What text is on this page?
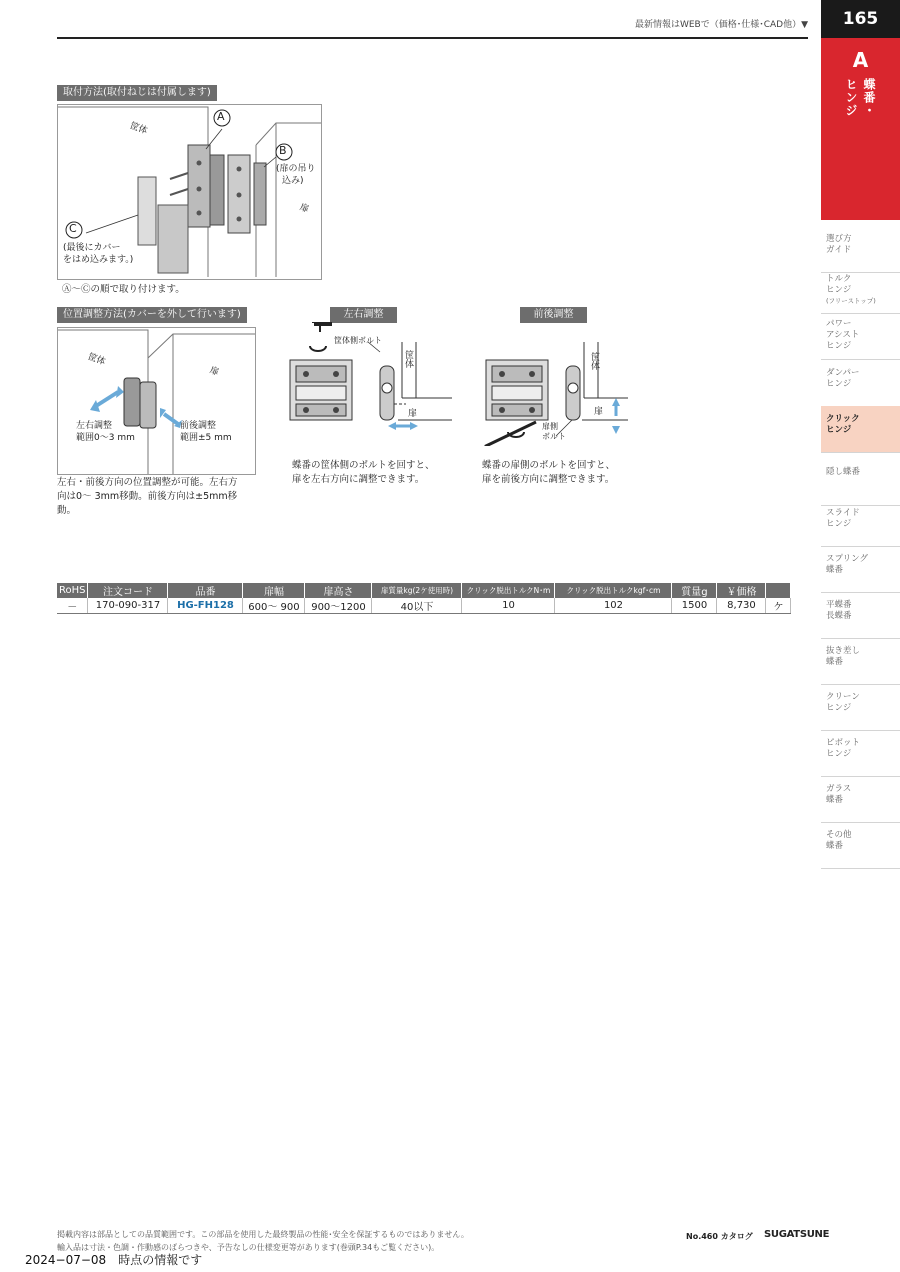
最新情報はWEBで（価格･仕様･CAD他）▼	165
A
蝶番・
ヒンジ
選び方
ガイド
トルク
ヒンジ
(フリーストップ)
パワー
アシスト
ヒンジ
ダンパー
ヒンジ
クリック
ヒンジ
隠し蝶番
スライド
ヒンジ
スプリング
蝶番
平蝶番
長蝶番
抜き差し
蝶番
クリーン
ヒンジ
ピボット
ヒンジ
ガラス
蝶番
その他
蝶番
取付方法(取付ねじは付属します)
筐体
扉
A
B
C
(扉の吊り
込み)
(最後にカバー
をはめ込みます。)
Ⓐ～Ⓒの順で取り付けます。
位置調整方法(カバーを外して行います)
筐体
扉
左右調整
範囲0～3 mm
前後調整
範囲±5 mm
左右・前後方向の位置調整が可能。左右方
向は0～ 3mm移動。前後方向は±5mm移
動。
左右調整
筐体側ボルト
筐体
扉
蝶番の筐体側のボルトを回すと、
扉を左右方向に調整できます。
前後調整
筐体
扉
扉側
ボルト
蝶番の扉側のボルトを回すと、
扉を前後方向に調整できます。
RoHS	注文コード	品番	扉幅	扉高さ	扉質量kg(2ケ使用時)	クリック脱出トルクN･m	クリック脱出トルクkgf･cm	質量g	￥価格	
－	170-090-317	HG-FH128	600～ 900	900～1200	40以下	10	102	1500	8,730	ケ
掲載内容は部品としての品質範囲です。この部品を使用した最終製品の性能･安全を保証するものではありません。
輸入品は寸法・色調・作動感のばらつきや、予告なしの仕様変更等があります(巻頭P.34もご覧ください)。
No.460 カタログ SUGATSUNE
2024−07−08　時点の情報です
